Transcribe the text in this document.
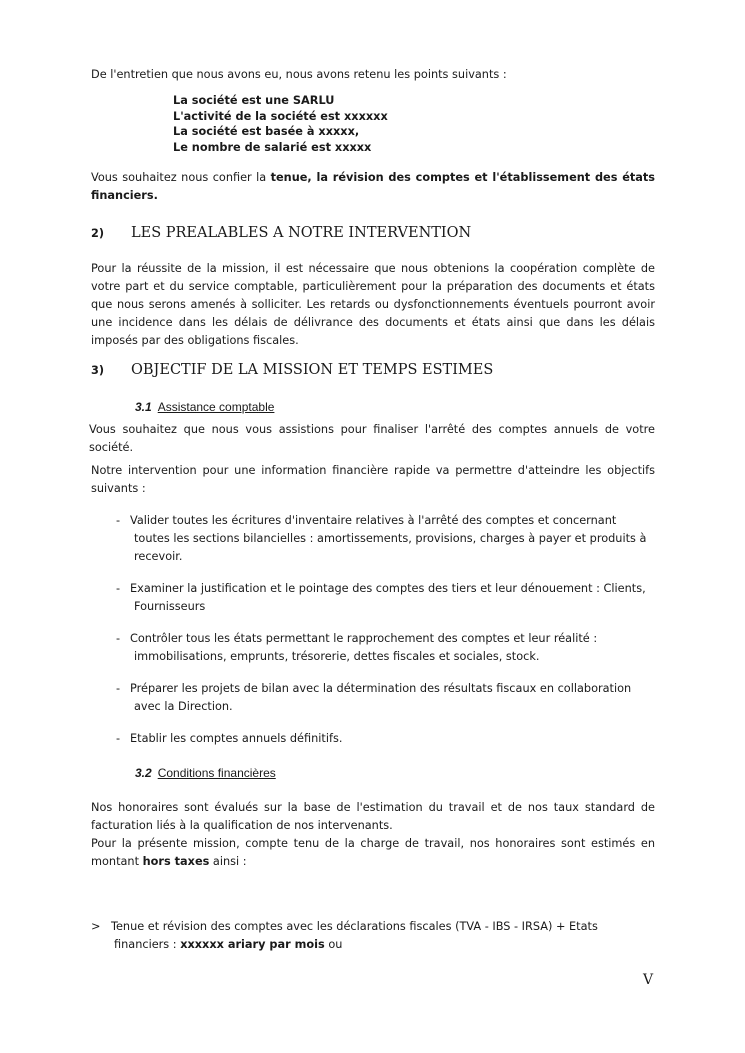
De l'entretien que nous avons eu, nous avons retenu les points suivants :

La société est une SARLU
L'activité de la société est xxxxxx
La société est basée à xxxxx,
Le nombre de salarié est xxxxx

Vous souhaitez nous confier la tenue, la révision des comptes et l'établissement des états financiers.

2) LES PREALABLES A NOTRE INTERVENTION

Pour la réussite de la mission, il est nécessaire que nous obtenions la coopération complète de votre part et du service comptable, particulièrement pour la préparation des documents et états que nous serons amenés à solliciter. Les retards ou dysfonctionnements éventuels pourront avoir une incidence dans les délais de délivrance des documents et états ainsi que dans les délais imposés par des obligations fiscales.

3) OBJECTIF DE LA MISSION ET TEMPS ESTIMES
3.1 Assistance comptable

Vous souhaitez que nous vous assistions pour finaliser l'arrêté des comptes annuels de votre société.

Notre intervention pour une information financière rapide va permettre d'atteindre les objectifs suivants :

- Valider toutes les écritures d'inventaire relatives à l'arrêté des comptes et concernant
toutes les sections bilancielles : amortissements, provisions, charges à payer et produits à
recevoir.
- Examiner la justification et le pointage des comptes des tiers et leur dénouement : Clients,
Fournisseurs
- Contrôler tous les états permettant le rapprochement des comptes et leur réalité :
immobilisations, emprunts, trésorerie, dettes fiscales et sociales, stock.
- Préparer les projets de bilan avec la détermination des résultats fiscaux en collaboration
avec la Direction.
- Etablir les comptes annuels définitifs.
3.2 Conditions financières

Nos honoraires sont évalués sur la base de l'estimation du travail et de nos taux standard de facturation liés à la qualification de nos intervenants.

Pour la présente mission, compte tenu de la charge de travail, nos honoraires sont estimés en montant hors taxes ainsi :

> Tenue et révision des comptes avec les déclarations fiscales (TVA - IBS - IRSA) + Etats
financiers : xxxxxx ariary par mois ou
V
